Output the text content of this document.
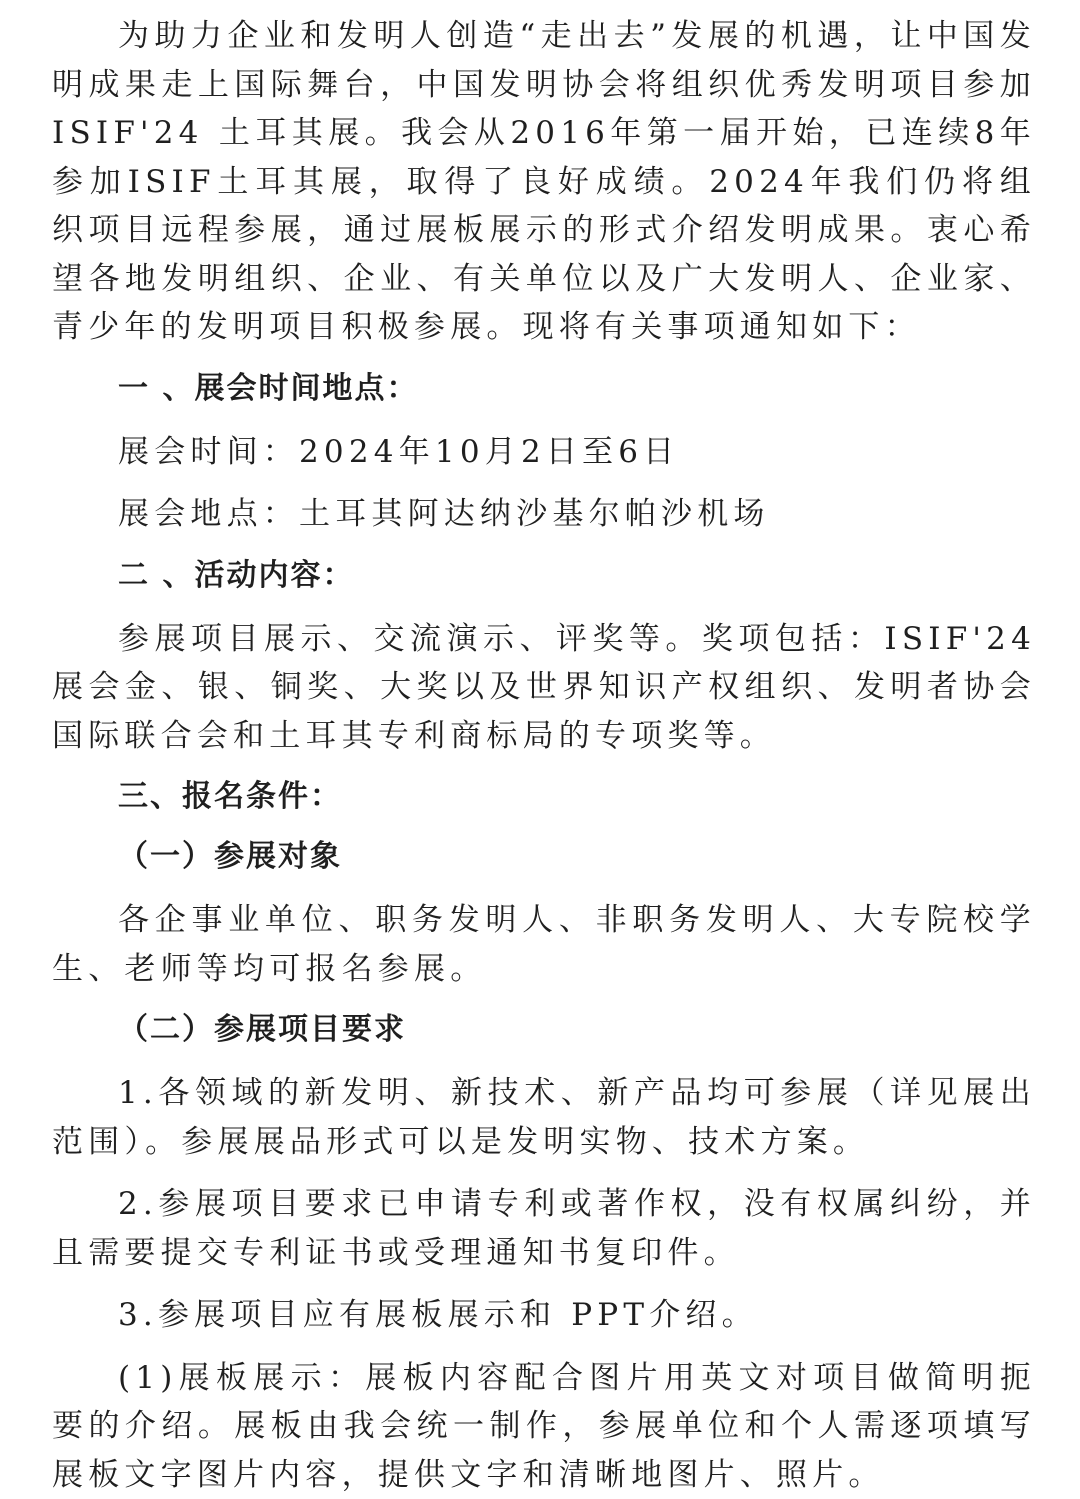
为助力企业和发明人创造“走出去”发展的机遇，让中国发明成果走上国际舞台，中国发明协会将组织优秀发明项目参加ISIF'24 土耳其展。我会从2016年第一届开始，已连续8年参加ISIF土耳其展，取得了良好成绩。2024年我们仍将组织项目远程参展，通过展板展示的形式介绍发明成果。衷心希望各地发明组织、企业、有关单位以及广大发明人、企业家、青少年的发明项目积极参展。现将有关事项通知如下：

一 、展会时间地点：

展会时间：2024年10月2日至6日

展会地点：土耳其阿达纳沙基尔帕沙机场

二 、活动内容：

参展项目展示、交流演示、评奖等。奖项包括：ISIF'24展会金、银、铜奖、大奖以及世界知识产权组织、发明者协会国际联合会和土耳其专利商标局的专项奖等。

三、报名条件：
（一）参展对象

各企事业单位、职务发明人、非职务发明人、大专院校学生、老师等均可报名参展。

（二）参展项目要求

1.各领域的新发明、新技术、新产品均可参展（详见展出范围）。参展展品形式可以是发明实物、技术方案。

2.参展项目要求已申请专利或著作权，没有权属纠纷，并且需要提交专利证书或受理通知书复印件。

3.参展项目应有展板展示和 PPT介绍。

(1)展板展示：展板内容配合图片用英文对项目做简明扼要的介绍。展板由我会统一制作，参展单位和个人需逐项填写展板文字图片内容，提供文字和清晰地图片、照片。
